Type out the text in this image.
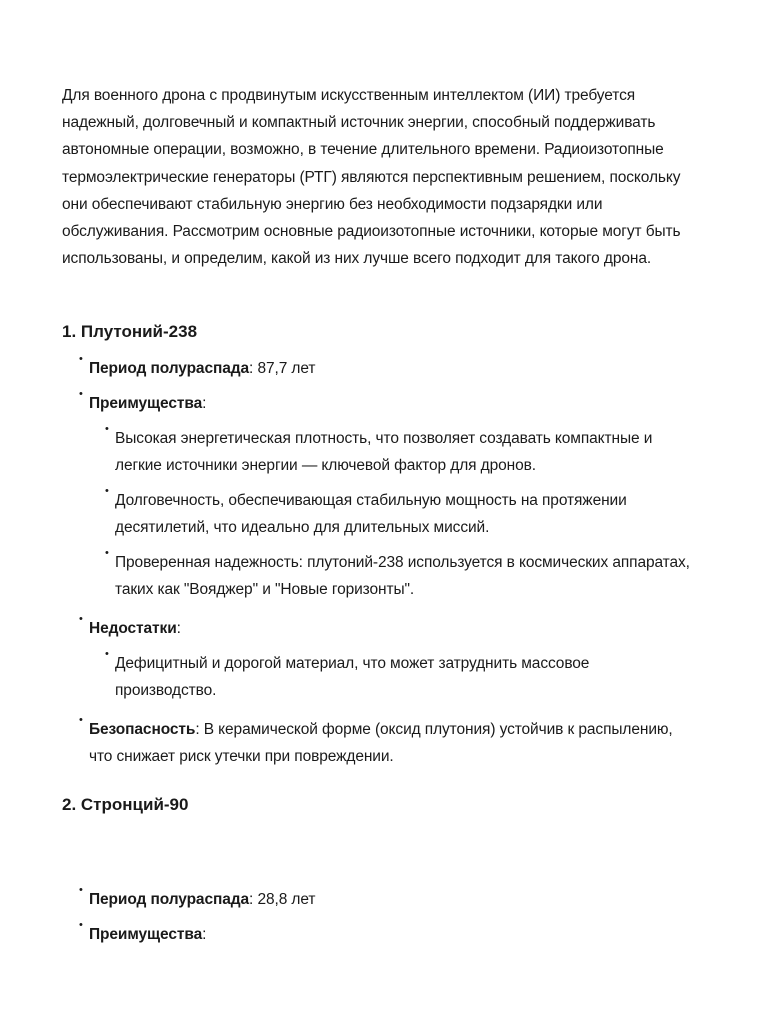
Для военного дрона с продвинутым искусственным интеллектом (ИИ) требуется надежный, долговечный и компактный источник энергии, способный поддерживать автономные операции, возможно, в течение длительного времени. Радиоизотопные термоэлектрические генераторы (РТГ) являются перспективным решением, поскольку они обеспечивают стабильную энергию без необходимости подзарядки или обслуживания. Рассмотрим основные радиоизотопные источники, которые могут быть использованы, и определим, какой из них лучше всего подходит для такого дрона.

1. Плутоний-238
•
Период полураспада: 87,7 лет
•
Преимущества:
•
Высокая энергетическая плотность, что позволяет создавать компактные и легкие источники энергии — ключевой фактор для дронов.
•
Долговечность, обеспечивающая стабильную мощность на протяжении десятилетий, что идеально для длительных миссий.
•
Проверенная надежность: плутоний-238 используется в космических аппаратах, таких как "Вояджер" и "Новые горизонты".
•
Недостатки:
•
Дефицитный и дорогой материал, что может затруднить массовое производство.
•
Безопасность: В керамической форме (оксид плутония) устойчив к распылению, что снижает риск утечки при повреждении.
2. Стронций-90
•
Период полураспада: 28,8 лет
•
Преимущества:
